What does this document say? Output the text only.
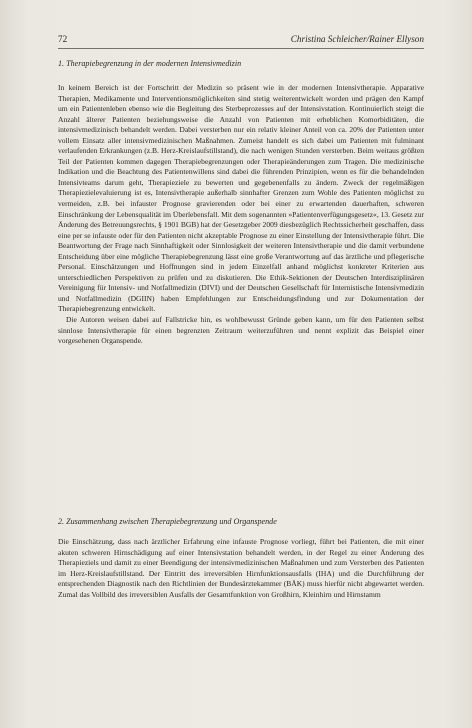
72	Christina Schleicher/Rainer Ellyson
1. Therapiebegrenzung in der modernen Intensivmedizin

In keinem Bereich ist der Fortschritt der Medizin so präsent wie in der modernen Intensivtherapie. Apparative Therapien, Medikamente und Interventionsmöglichkeiten sind stetig weiterentwickelt worden und prägen den Kampf um ein Patientenleben ebenso wie die Begleitung des Sterbeprozesses auf der Intensivstation. Kontinuierlich steigt die Anzahl älterer Patienten beziehungsweise die Anzahl von Patienten mit erheblichen Komorbiditäten, die intensivmedizinisch behandelt werden. Dabei versterben nur ein relativ kleiner Anteil von ca. 20% der Patienten unter vollem Einsatz aller intensivmedizinischen Maßnahmen. Zumeist handelt es sich dabei um Patienten mit fulminant verlaufenden Erkrankungen (z.B. Herz-Kreislaufstillstand), die nach wenigen Stunden versterben. Beim weitaus größten Teil der Patienten kommen dagegen Therapiebegrenzungen oder Therapieänderungen zum Tragen. Die medizinische Indikation und die Beachtung des Patientenwillens sind dabei die führenden Prinzipien, wenn es für die behandelnden Intensivteams darum geht, Therapieziele zu bewerten und gegebenenfalls zu ändern. Zweck der regelmäßigen Therapiezielevaluierung ist es, Intensivtherapie außerhalb sinnhafter Grenzen zum Wohle des Patienten möglichst zu vermeiden, z.B. bei infauster Prognose gravierenden oder bei einer zu erwartenden dauerhaften, schweren Einschränkung der Lebensqualität im Überlebensfall. Mit dem sogenannten »Patientenverfügungsgesetz«, 13. Gesetz zur Änderung des Betreuungsrechts, § 1901 BGB) hat der Gesetzgeber 2009 diesbezüglich Rechtssicherheit geschaffen, dass eine per se infauste oder für den Patienten nicht akzeptable Prognose zu einer Einstellung der Intensivtherapie führt. Die Beantwortung der Frage nach Sinnhaftigkeit oder Sinnlosigkeit der weiteren Intensivtherapie und die damit verbundene Entscheidung über eine mögliche Therapiebegrenzung lässt eine große Verantwortung auf das ärztliche und pflegerische Personal. Einschätzungen und Hoffnungen sind in jedem Einzelfall anhand möglichst konkreter Kriterien aus unterschiedlichen Perspektiven zu prüfen und zu diskutieren. Die Ethik-Sektionen der Deutschen Interdisziplinären Vereinigung für Intensiv- und Notfallmedizin (DIVI) und der Deutschen Gesellschaft für Internistische Intensivmedizin und Notfallmedizin (DGIIN) haben Empfehlungen zur Entscheidungsfindung und zur Dokumentation der Therapiebegrenzung entwickelt.

Die Autoren weisen dabei auf Fallstricke hin, es wohlbewusst Gründe geben kann, um für den Patienten selbst sinnlose Intensivtherapie für einen begrenzten Zeitraum weiterzuführen und nennt explizit das Beispiel einer vorgesehenen Organspende.

2. Zusammenhang zwischen Therapiebegrenzung und Organspende

Die Einschätzung, dass nach ärztlicher Erfahrung eine infauste Prognose vorliegt, führt bei Patienten, die mit einer akuten schweren Hirnschädigung auf einer Intensivstation behandelt werden, in der Regel zu einer Änderung des Therapieziels und damit zu einer Beendigung der intensivmedizinischen Maßnahmen und zum Versterben des Patienten im Herz-Kreislaufstillstand. Der Eintritt des irreversiblen Hirnfunktionsausfalls (IHA) und die Durchführung der entsprechenden Diagnostik nach den Richtlinien der Bundesärztekammer (BÄK) muss hierfür nicht abgewartet werden. Zumal das Vollbild des irreversiblen Ausfalls der Gesamtfunktion von Großhirn, Kleinhirn und Hirnstamm
